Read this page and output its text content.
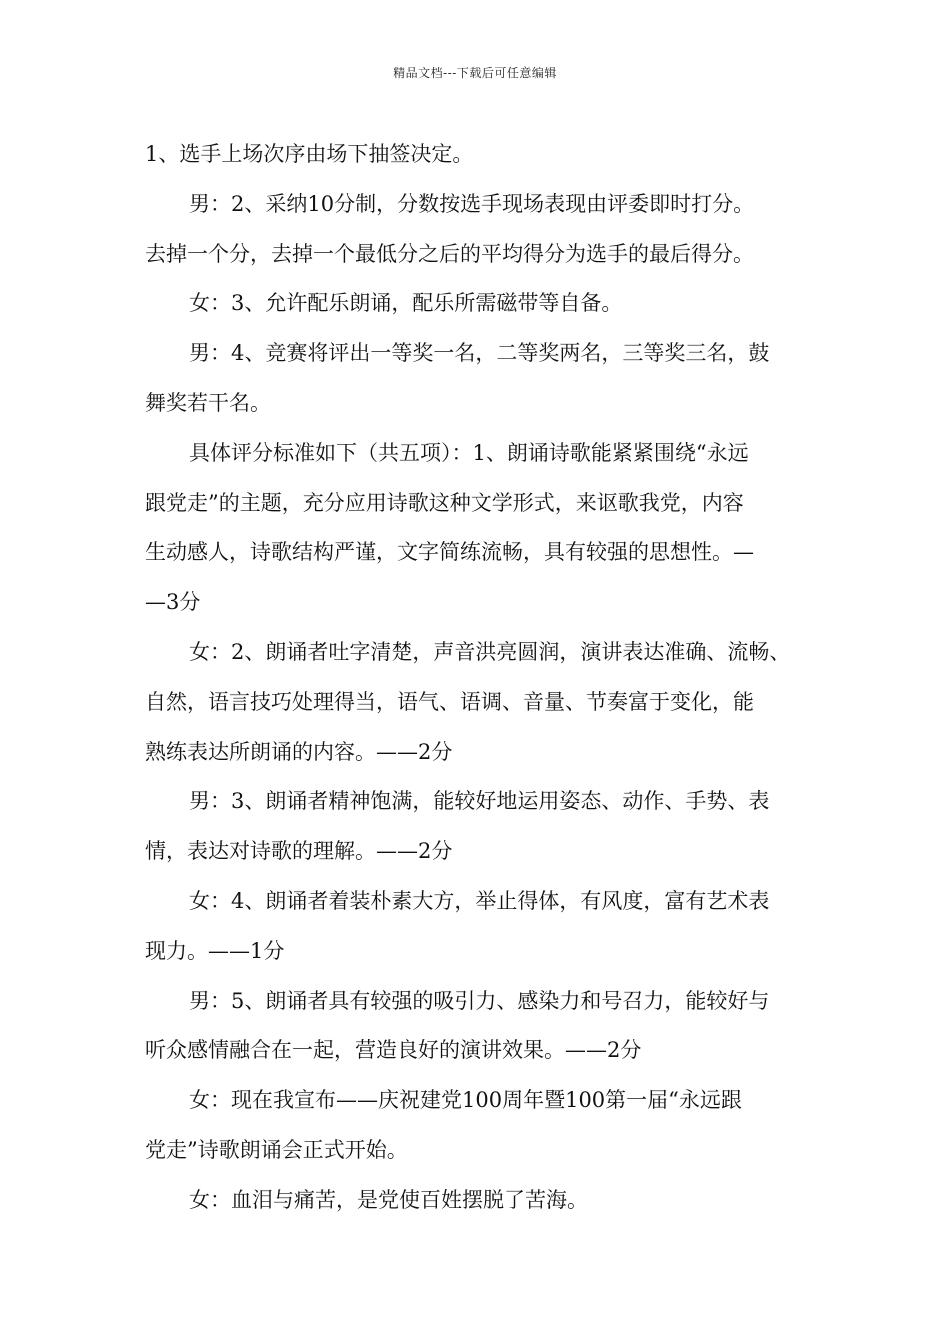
精品文档---下载后可任意编辑
1、选手上场次序由场下抽签决定。
男：2、采纳10分制，分数按选手现场表现由评委即时打分。
去掉一个分，去掉一个最低分之后的平均得分为选手的最后得分。
女：3、允许配乐朗诵，配乐所需磁带等自备。
男：4、竞赛将评出一等奖一名，二等奖两名，三等奖三名，鼓
舞奖若干名。
具体评分标准如下（共五项）：1、朗诵诗歌能紧紧围绕“永远
跟党走”的主题，充分应用诗歌这种文学形式，来讴歌我党，内容
生动感人，诗歌结构严谨，文字简练流畅，具有较强的思想性。—
—3分
女：2、朗诵者吐字清楚，声音洪亮圆润，演讲表达准确、流畅、
自然，语言技巧处理得当，语气、语调、音量、节奏富于变化，能
熟练表达所朗诵的内容。——2分
男：3、朗诵者精神饱满，能较好地运用姿态、动作、手势、表
情，表达对诗歌的理解。——2分
女：4、朗诵者着装朴素大方，举止得体，有风度，富有艺术表
现力。——1分
男：5、朗诵者具有较强的吸引力、感染力和号召力，能较好与
听众感情融合在一起，营造良好的演讲效果。——2分
女：现在我宣布——庆祝建党100周年暨100第一届“永远跟
党走”诗歌朗诵会正式开始。
女：血泪与痛苦，是党使百姓摆脱了苦海。
